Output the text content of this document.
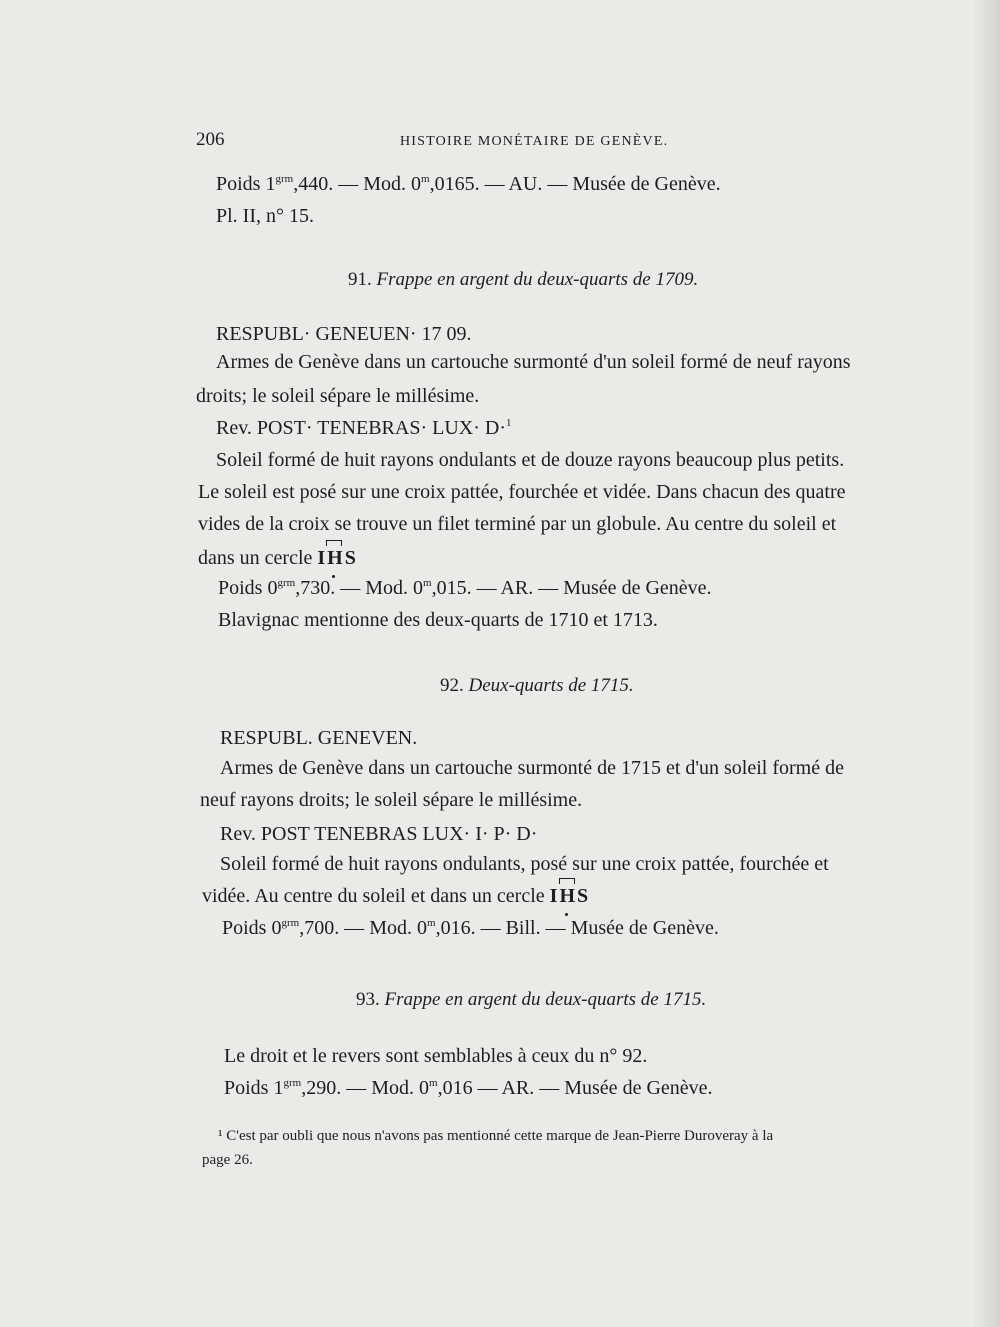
206	HISTOIRE MONÉTAIRE DE GENÈVE.
Poids $1^{grm},440$. — Mod. 0$^m$,0165. — AU. — Musée de Genève.
Pl. II, n° 15.
91. Frappe en argent du deux-quarts de 1709.
RESPUBL· GENEUEN· 17 09.
Armes de Genève dans un cartouche surmonté d'un soleil formé de neuf rayons
droits; le soleil sépare le millésime.
Rev. POST· TENEBRAS· LUX· D·$^1$
Soleil formé de huit rayons ondulants et de douze rayons beaucoup plus petits.
Le soleil est posé sur une croix pattée, fourchée et vidée. Dans chacun des quatre
vides de la croix se trouve un filet terminé par un globule. Au centre du soleil et
dans un cercle IHS
Poids $0^{grm},730$. — Mod. 0$^m$,015. — AR. — Musée de Genève.
Blavignac mentionne des deux-quarts de 1710 et 1713.
92. Deux-quarts de 1715.
RESPUBL. GENEVEN.
Armes de Genève dans un cartouche surmonté de 1715 et d'un soleil formé de
neuf rayons droits; le soleil sépare le millésime.
Rev. POST TENEBRAS LUX· I· P· D·
Soleil formé de huit rayons ondulants, posé sur une croix pattée, fourchée et
vidée. Au centre du soleil et dans un cercle IHS
Poids $0^{grm},700$. — Mod. 0$^m$,016. — Bill. — Musée de Genève.
93. Frappe en argent du deux-quarts de 1715.
Le droit et le revers sont semblables à ceux du n° 92.
Poids $1^{grm},290$. — Mod. 0$^m$,016 — AR. — Musée de Genève.
¹ C'est par oubli que nous n'avons pas mentionné cette marque de Jean-Pierre Duroveray à la
page 26.
